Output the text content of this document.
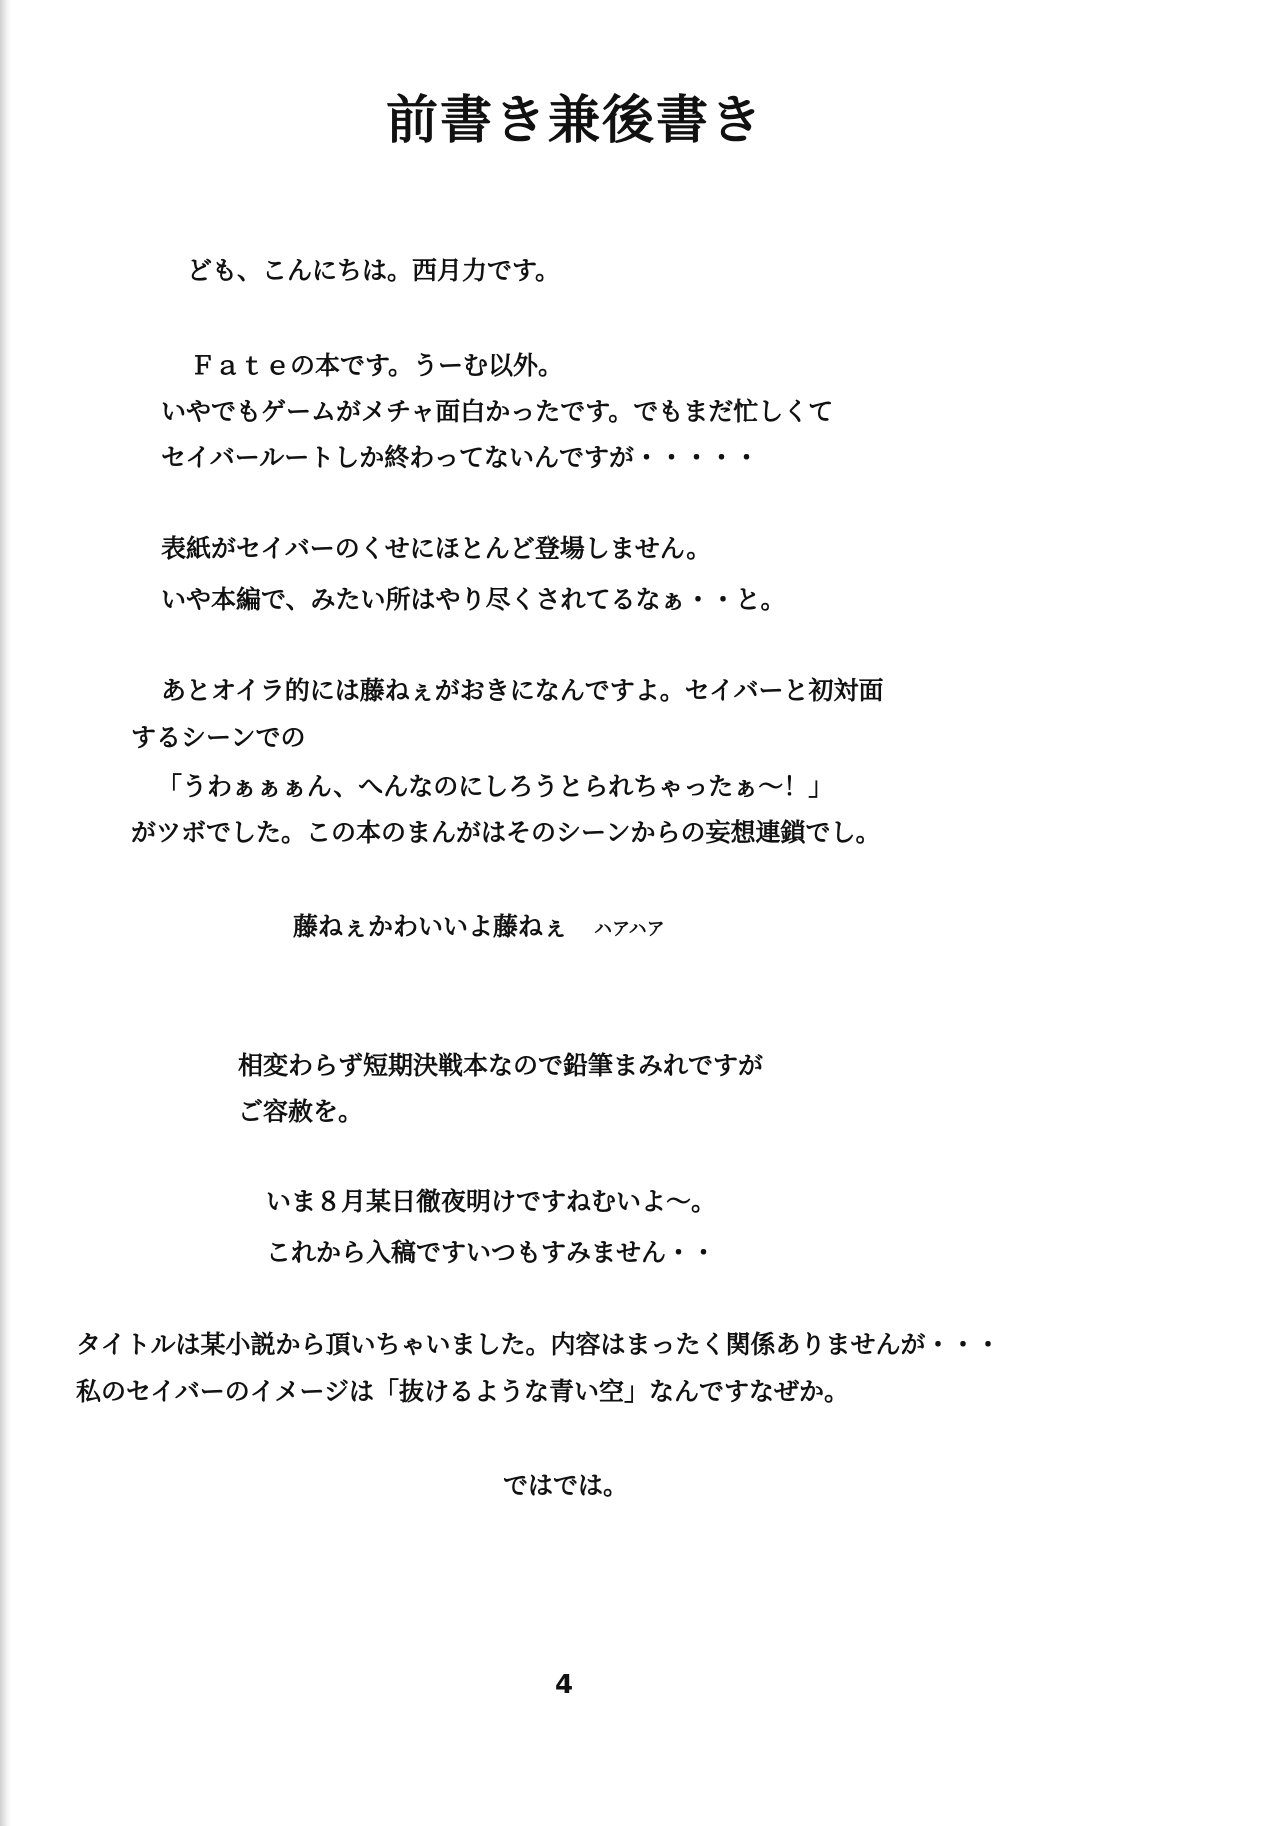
前書き兼後書き
ども、こんにちは。西月力です。
Ｆａｔｅの本です。うーむ以外。
いやでもゲームがメチャ面白かったです。でもまだ忙しくて
セイバールートしか終わってないんですが・・・・・
表紙がセイバーのくせにほとんど登場しません。
いや本編で、みたい所はやり尽くされてるなぁ・・と。
あとオイラ的には藤ねぇがおきになんですよ。セイバーと初対面
するシーンでの
「うわぁぁぁん、へんなのにしろうとられちゃったぁ～！」
がツボでした。この本のまんがはそのシーンからの妄想連鎖でし。
藤ねぇかわいいよ藤ねぇ ハアハア
相変わらず短期決戦本なので鉛筆まみれですが
ご容赦を。
いま８月某日徹夜明けですねむいよ～。
これから入稿ですいつもすみません・・
タイトルは某小説から頂いちゃいました。内容はまったく関係ありませんが・・・
私のセイバーのイメージは「抜けるような青い空」なんですなぜか。
ではでは。
4
